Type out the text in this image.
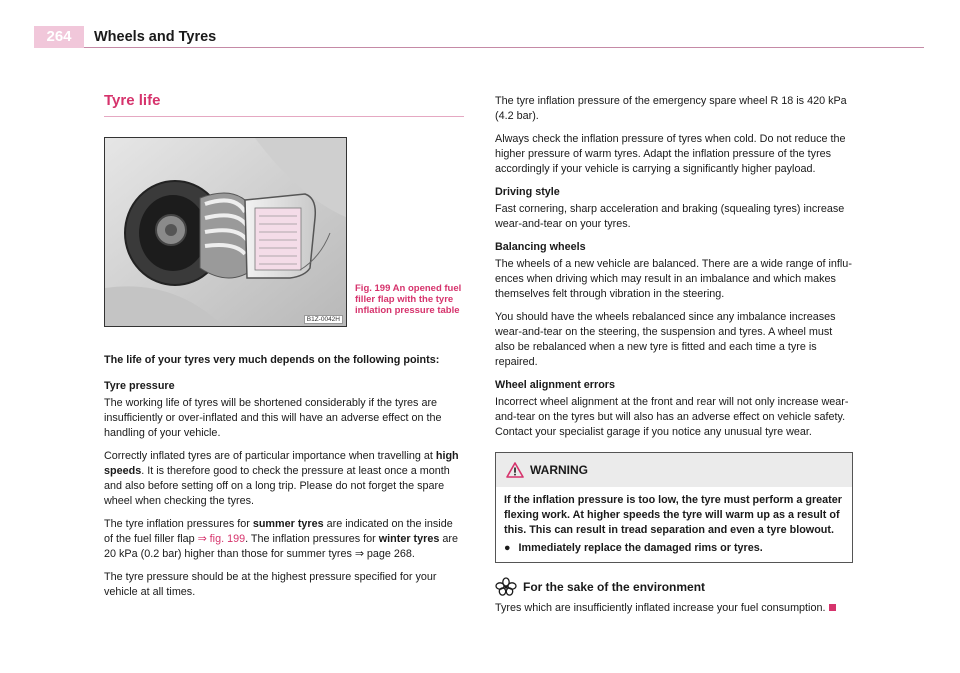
264	Wheels and Tyres
Tyre life
B1Z-0042H
Fig. 199 An opened fuel filler flap with the tyre inflation pressure table

The life of your tyres very much depends on the following points:

Tyre pressure

The working life of tyres will be shortened considerably if the tyres are insufficiently or over-inflated and this will have an adverse effect on the handling of your vehicle.

Correctly inflated tyres are of particular importance when travelling at high speeds. It is therefore good to check the pressure at least once a month and also before setting off on a long trip. Please do not forget the spare wheel when checking the tyres.

The tyre inflation pressures for summer tyres are indicated on the inside of the fuel filler flap ⇒ fig. 199. The inflation pressures for winter tyres are 20 kPa (0.2 bar) higher than those for summer tyres ⇒ page 268.

The tyre pressure should be at the highest pressure specified for your vehicle at all times.

The tyre inflation pressure of the emergency spare wheel R 18 is 420 kPa (4.2 bar).

Always check the inflation pressure of tyres when cold. Do not reduce the higher pressure of warm tyres. Adapt the inflation pressure of the tyres accordingly if your vehicle is carrying a significantly higher payload.

Driving style

Fast cornering, sharp acceleration and braking (squealing tyres) increase wear-and-tear on your tyres.

Balancing wheels

The wheels of a new vehicle are balanced. There are a wide range of influ-ences when driving which may result in an imbalance and which makes themselves felt through vibration in the steering.

You should have the wheels rebalanced since any imbalance increases wear-and-tear on the steering, the suspension and tyres. A wheel must also be rebalanced when a new tyre is fitted and each time a tyre is repaired.

Wheel alignment errors

Incorrect wheel alignment at the front and rear will not only increase wear-and-tear on the tyres but will also has an adverse effect on vehicle safety. Contact your specialist garage if you notice any unusual tyre wear.

WARNING
If the inflation pressure is too low, the tyre must perform a greater flexing work. At higher speeds the tyre will warm up as a result of this. This can result in tread separation and even a tyre blowout.
● Immediately replace the damaged rims or tyres.
For the sake of the environment

Tyres which are insufficiently inflated increase your fuel consumption.
